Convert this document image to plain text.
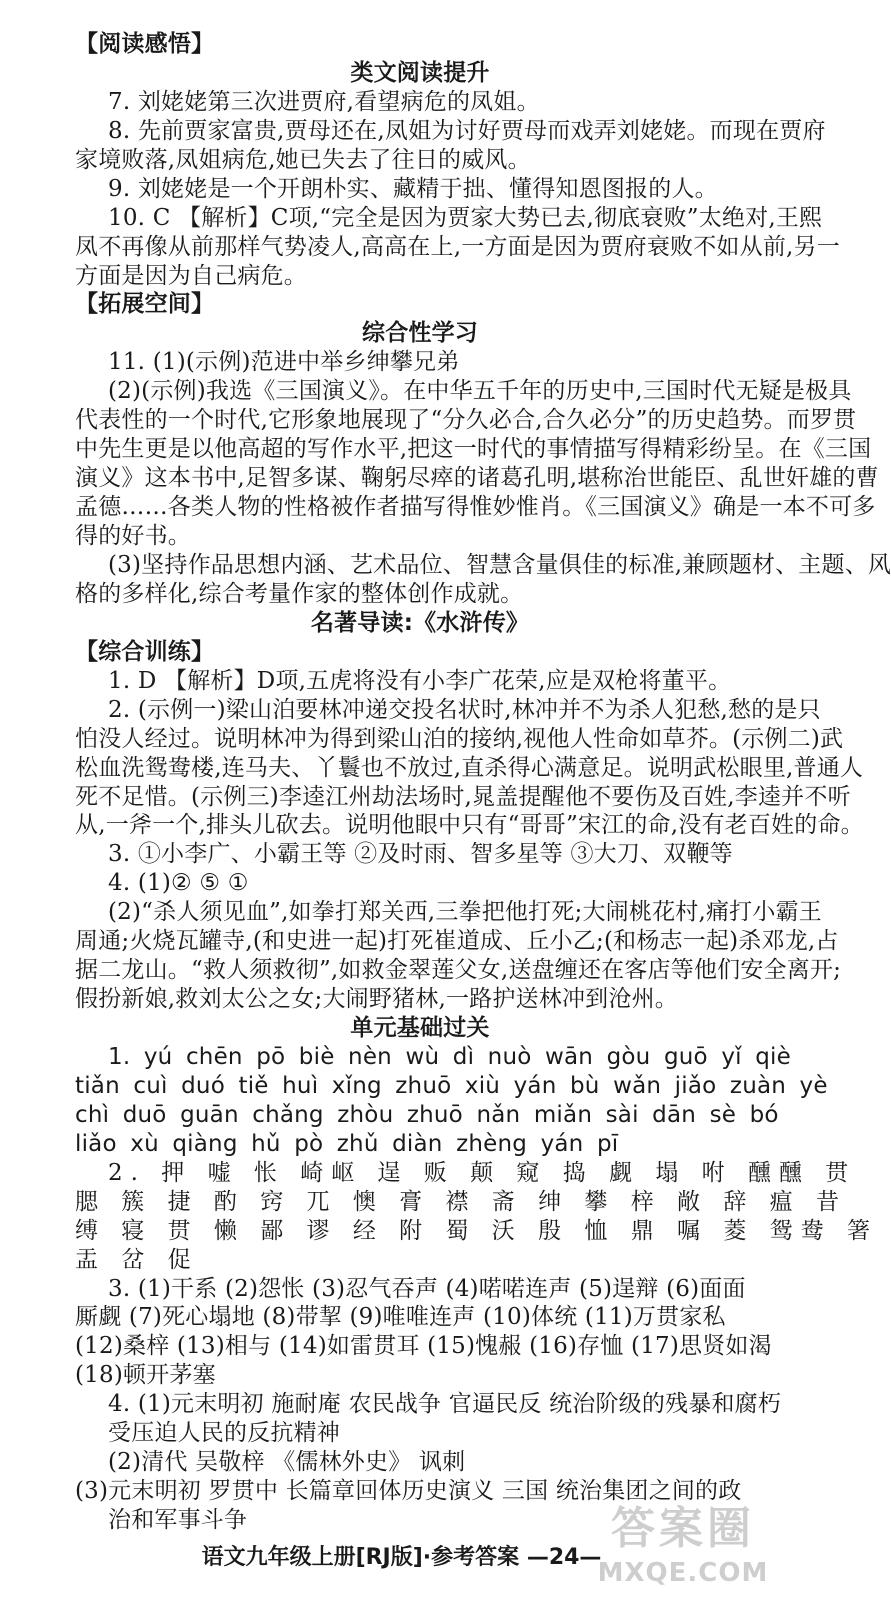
【阅读感悟】
类文阅读提升
7. 刘姥姥第三次进贾府,看望病危的凤姐。
8. 先前贾家富贵,贾母还在,凤姐为讨好贾母而戏弄刘姥姥。而现在贾府
家境败落,凤姐病危,她已失去了往日的威风。
9. 刘姥姥是一个开朗朴实、藏精于拙、懂得知恩图报的人。
10. C 【解析】C项,“完全是因为贾家大势已去,彻底衰败”太绝对,王熙
凤不再像从前那样气势凌人,高高在上,一方面是因为贾府衰败不如从前,另一
方面是因为自己病危。
【拓展空间】
综合性学习
11. (1)(示例)范进中举乡绅攀兄弟
(2)(示例)我选《三国演义》。在中华五千年的历史中,三国时代无疑是极具
代表性的一个时代,它形象地展现了“分久必合,合久必分”的历史趋势。而罗贯
中先生更是以他高超的写作水平,把这一时代的事情描写得精彩纷呈。在《三国
演义》这本书中,足智多谋、鞠躬尽瘁的诸葛孔明,堪称治世能臣、乱世奸雄的曹
孟德……各类人物的性格被作者描写得惟妙惟肖。《三国演义》确是一本不可多
得的好书。
(3)坚持作品思想内涵、艺术品位、智慧含量俱佳的标准,兼顾题材、主题、风
格的多样化,综合考量作家的整体创作成就。
名著导读:《水浒传》
【综合训练】
1. D 【解析】D项,五虎将没有小李广花荣,应是双枪将董平。
2. (示例一)梁山泊要林冲递交投名状时,林冲并不为杀人犯愁,愁的是只
怕没人经过。说明林冲为得到梁山泊的接纳,视他人性命如草芥。(示例二)武
松血洗鸳鸯楼,连马夫、丫鬟也不放过,直杀得心满意足。说明武松眼里,普通人
死不足惜。(示例三)李逵江州劫法场时,晁盖提醒他不要伤及百姓,李逵并不听
从,一斧一个,排头儿砍去。说明他眼中只有“哥哥”宋江的命,没有老百姓的命。
3. ①小李广、小霸王等 ②及时雨、智多星等 ③大刀、双鞭等
4. (1)② ⑤ ①
(2)“杀人须见血”,如拳打郑关西,三拳把他打死;大闹桃花村,痛打小霸王
周通;火烧瓦罐寺,(和史进一起)打死崔道成、丘小乙;(和杨志一起)杀邓龙,占
据二龙山。“救人须救彻”,如救金翠莲父女,送盘缠还在客店等他们安全离开;
假扮新娘,救刘太公之女;大闹野猪林,一路护送林冲到沧州。
单元基础过关
1. yú chēn pō biè nèn wù dì nuò wān gòu guō yǐ qiè
tiǎn cuì duó tiě huì xǐng zhuō xiù yán bù wǎn jiǎo zuàn yè
chì duō guān chǎng zhòu zhuō nǎn miǎn sài dān sè bó
liǎo xù qiàng hǔ pò zhǔ diàn zhèng yán pī
2. 押 嘘 怅 崎岖 逞 贩 颠 窥 捣 觑 塌 咐 醺醺 贯
腮 簇 捷 酌 窍 兀 懊 膏 襟 斋 绅 攀 梓 敞 辞 瘟 昔
缚 寝 贯 懒 鄙 谬 经 附 蜀 沃 殷 恤 鼎 嘱 菱 鸳鸯 箸
盂 岔 促
3. (1)干系 (2)怨怅 (3)忍气吞声 (4)喏喏连声 (5)逞辩 (6)面面
厮觑 (7)死心塌地 (8)带挈 (9)唯唯连声 (10)体统 (11)万贯家私
(12)桑梓 (13)相与 (14)如雷贯耳 (15)愧赧 (16)存恤 (17)思贤如渴
(18)顿开茅塞
4. (1)元末明初 施耐庵 农民战争 官逼民反 统治阶级的残暴和腐朽
受压迫人民的反抗精神
(2)清代 吴敬梓 《儒林外史》 讽刺
(3)元末明初 罗贯中 长篇章回体历史演义 三国 统治集团之间的政
治和军事斗争
语文九年级上册[RJ版]·参考答案 —24—
答案圈
MXQE.COM
